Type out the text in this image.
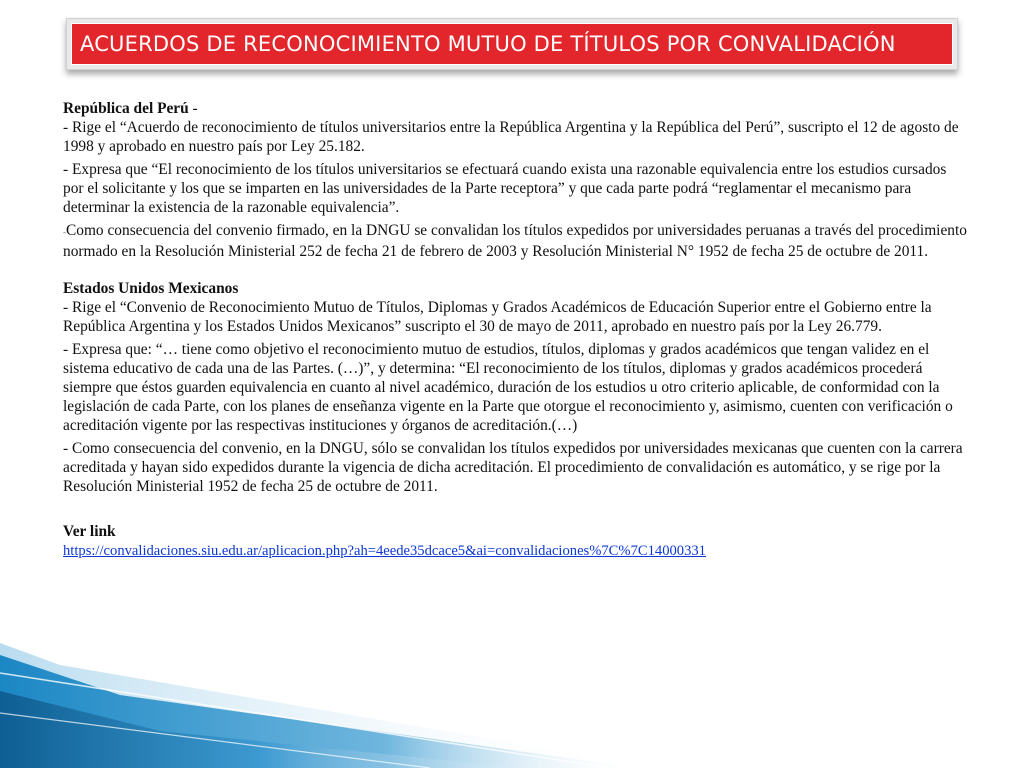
ACUERDOS DE RECONOCIMIENTO MUTUO DE TÍTULOS POR CONVALIDACIÓN

República del Perú -
- Rige el “Acuerdo de reconocimiento de títulos universitarios entre la República Argentina y la República del Perú”, suscripto el 12 de agosto de 1998 y aprobado en nuestro país por Ley 25.182.

- Expresa que “El reconocimiento de los títulos universitarios se efectuará cuando exista una razonable equivalencia entre los estudios cursados por el solicitante y los que se imparten en las universidades de la Parte receptora” y que cada parte podrá “reglamentar el mecanismo para determinar la existencia de la razonable equivalencia”.

-Como consecuencia del convenio firmado, en la DNGU se convalidan los títulos expedidos por universidades peruanas a través del procedimiento normado en la Resolución Ministerial 252 de fecha 21 de febrero de 2003 y Resolución Ministerial N° 1952 de fecha 25 de octubre de 2011.

Estados Unidos Mexicanos
- Rige el “Convenio de Reconocimiento Mutuo de Títulos, Diplomas y Grados Académicos de Educación Superior entre el Gobierno entre la República Argentina y los Estados Unidos Mexicanos” suscripto el 30 de mayo de 2011, aprobado en nuestro país por la Ley 26.779.

- Expresa que: “… tiene como objetivo el reconocimiento mutuo de estudios, títulos, diplomas y grados académicos que tengan validez en el sistema educativo de cada una de las Partes. (…)”, y determina: “El reconocimiento de los títulos, diplomas y grados académicos procederá siempre que éstos guarden equivalencia en cuanto al nivel académico, duración de los estudios u otro criterio aplicable, de conformidad con la legislación de cada Parte, con los planes de enseñanza vigente en la Parte que otorgue el reconocimiento y, asimismo, cuenten con verificación o acreditación vigente por las respectivas instituciones y órganos de acreditación.(…)

- Como consecuencia del convenio, en la DNGU, sólo se convalidan los títulos expedidos por universidades mexicanas que cuenten con la carrera acreditada y hayan sido expedidos durante la vigencia de dicha acreditación. El procedimiento de convalidación es automático, y se rige por la Resolución Ministerial 1952 de fecha 25 de octubre de 2011.

Ver link
https://convalidaciones.siu.edu.ar/aplicacion.php?ah=4eede35dcace5&ai=convalidaciones%7C%7C14000331
